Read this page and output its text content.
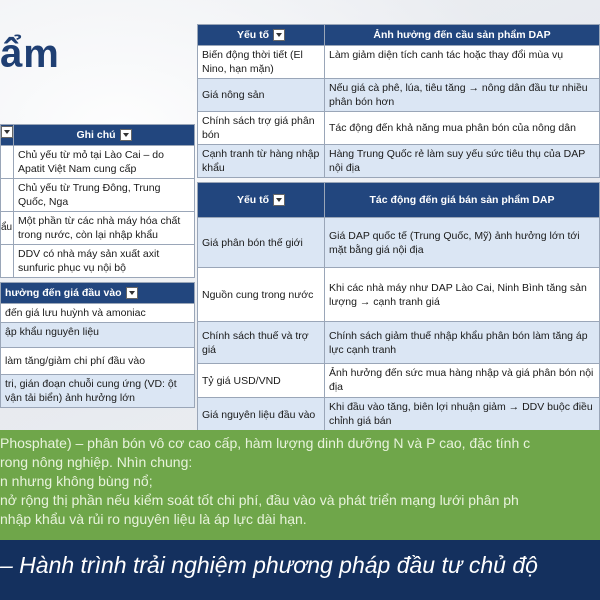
ẩm	Yếu tố	Ảnh hưởng đến cầu sản phẩm DAP
Biến động thời tiết (El Nino, hạn mặn)	Làm giảm diện tích canh tác hoặc thay đổi mùa vụ
Giá nông sản	Nếu giá cà phê, lúa, tiêu tăng → nông dân đầu tư nhiều phân bón hơn
Chính sách trợ giá phân bón	Tác động đến khả năng mua phân bón của nông dân
Cạnh tranh từ hàng nhập khẩu	Hàng Trung Quốc rẻ làm suy yếu sức tiêu thụ của DAP nội địa
Yếu tố	Tác động đến giá bán sản phẩm DAP
Giá phân bón thế giới	Giá DAP quốc tế (Trung Quốc, Mỹ) ảnh hưởng lớn tới mặt bằng giá nội địa
Nguồn cung trong nước	Khi các nhà máy như DAP Lào Cai, Ninh Bình tăng sản lượng → cạnh tranh giá
Chính sách thuế và trợ giá	Chính sách giảm thuế nhập khẩu phân bón làm tăng áp lực cạnh tranh
Tỷ giá USD/VND	Ảnh hưởng đến sức mua hàng nhập và giá phân bón nội địa
Giá nguyên liệu đầu vào	Khi đầu vào tăng, biên lợi nhuận giảm → DDV buộc điều chỉnh giá bán
	Ghi chú
	Chủ yếu từ mỏ tại Lào Cai – do Apatit Việt Nam cung cấp
	Chủ yếu từ Trung Đông, Trung Quốc, Nga
ẩu	Một phần từ các nhà máy hóa chất trong nước, còn lại nhập khẩu
	DDV có nhà máy sản xuất axit sunfuric phục vụ nội bộ
hưởng đến giá đầu vào
đến giá lưu huỳnh và amoniac
ập khẩu nguyên liệu
làm tăng/giảm chi phí đầu vào
tri, gián đoạn chuỗi cung ứng (VD: ột vận tải biển) ảnh hưởng lớn

Phosphate) – phân bón vô cơ cao cấp, hàm lượng dinh dưỡng N và P cao, đặc tính c

rong nông nghiệp. Nhìn chung:

n nhưng không bùng nổ;

nở rộng thị phần nếu kiểm soát tốt chi phí, đầu vào và phát triển mạng lưới phân ph

nhập khẩu và rủi ro nguyên liệu là áp lực dài hạn.

– Hành trình trải nghiệm phương pháp đầu tư chủ độ
